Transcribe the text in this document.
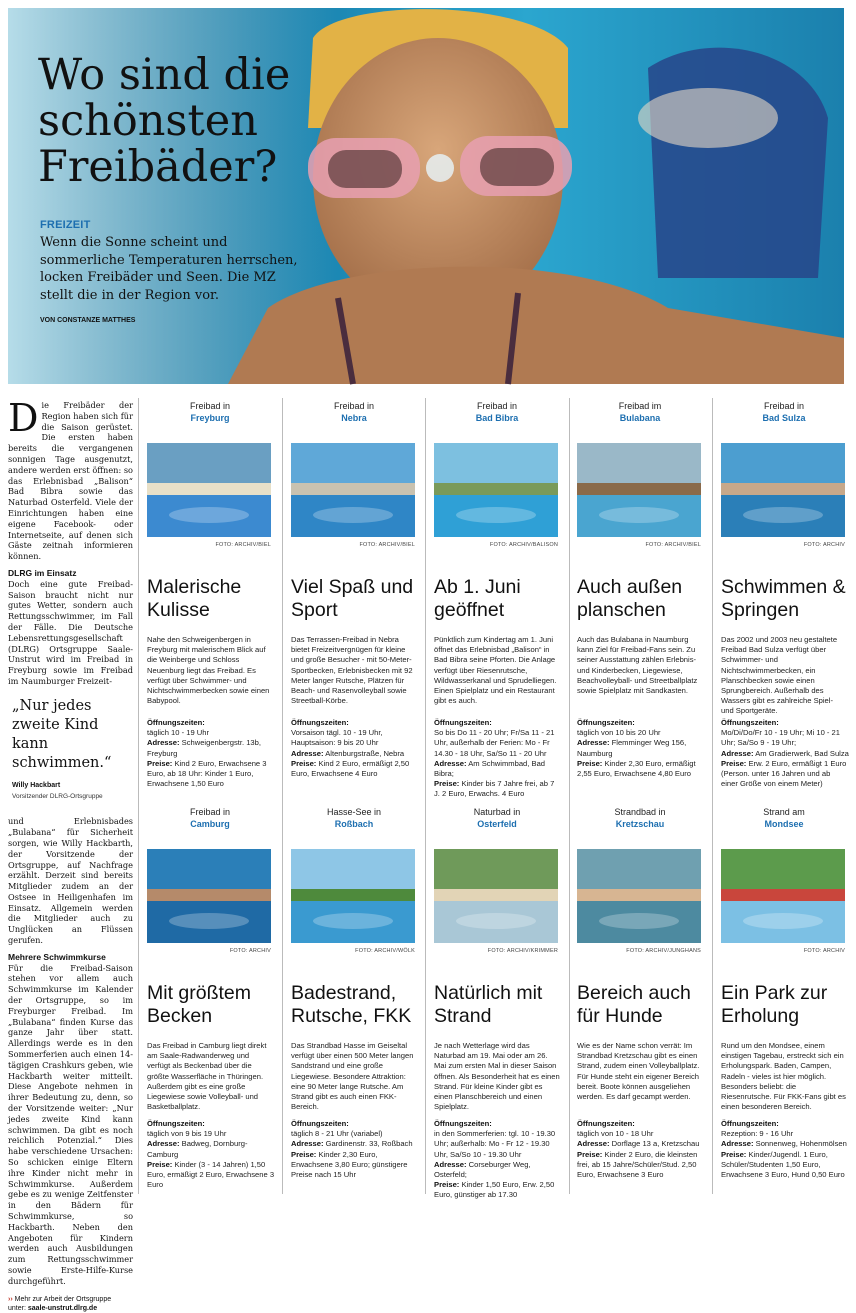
Wo sind die
schönsten
Freibäder?
FREIZEIT
Wenn die Sonne scheint und sommerliche Temperaturen herrschen, locken Freibäder und Seen. Die MZ stellt die in der Region vor.
VON CONSTANZE MATTHES

Die Freibäder der Region haben sich für die Saison gerüstet. Die ersten haben bereits die vergangenen sonnigen Tage ausgenutzt, andere werden erst öffnen: so das Erlebnisbad „Balison“ Bad Bibra sowie das Naturbad Osterfeld. Viele der Einrichtungen haben eine eigene Facebook- oder Internetseite, auf denen sich Gäste zeitnah informieren können.

DLRG im Einsatz

Doch eine gute Freibad-Saison braucht nicht nur gutes Wetter, sondern auch Rettungsschwimmer, im Fall der Fälle. Die Deutsche Lebensrettungsgesellschaft (DLRG) Ortsgruppe Saale-Unstrut wird im Freibad in Freyburg sowie im Freibad im Naumburger Freizeit-

„Nur jedes zweite Kind kann schwimmen.“

Willy Hackbart

Vorsitzender DLRG-Ortsgruppe

und Erlebnisbades „Bulabana“ für Sicherheit sorgen, wie Willy Hackbarth, der Vorsitzende der Ortsgruppe, auf Nachfrage erzählt. Derzeit sind bereits Mitglieder zudem an der Ostsee in Heiligenhafen im Einsatz. Allgemein werden die Mitglieder auch zu Unglücken an Flüssen gerufen.

Mehrere Schwimmkurse

Für die Freibad-Saison stehen vor allem auch Schwimmkurse im Kalender der Ortsgruppe, so im Freyburger Freibad. Im „Bulabana“ finden Kurse das ganze Jahr über statt. Allerdings werde es in den Sommerferien auch einen 14-tägigen Crashkurs geben, wie Hackbarth weiter mitteilt. Diese Angebote nehmen in ihrer Bedeutung zu, denn, so der Vorsitzende weiter: „Nur jedes zweite Kind kann schwimmen. Da gibt es noch reichlich Potenzial.“ Dies habe verschiedene Ursachen: So schicken einige Eltern ihre Kinder nicht mehr in Schwimmkurse. Außerdem gebe es zu wenige Zeitfenster in den Bädern für Schwimmkurse, so Hackbarth. Neben den Angeboten für Kindern werden auch Ausbildungen zum Rettungsschwimmer sowie Erste-Hilfe-Kurse durchgeführt.

›› Mehr zur Arbeit der Ortsgruppe
unter: saale-unstrut.dlrg.de

Freibad in
Freyburg
FOTO: ARCHIV/BIEL
Malerische Kulisse
Nahe den Schweigenbergen in Freyburg mit malerischem Blick auf die Weinberge und Schloss Neuenburg liegt das Freibad. Es verfügt über Schwimmer- und Nichtschwimmerbecken sowie einen Babypool.
Öffnungszeiten:
täglich 10 - 19 Uhr
Adresse: Schweigenbergstr. 13b, Freyburg
Preise: Kind 2 Euro, Erwachsene 3 Euro, ab 18 Uhr: Kinder 1 Euro, Erwachsene 1,50 Euro
Freibad in
Nebra
FOTO: ARCHIV/BIEL
Viel Spaß und Sport
Das Terrassen-Freibad in Nebra bietet Freizeitvergnügen für kleine und große Besucher - mit 50-Meter-Sportbecken, Erlebnisbecken mit 92 Meter langer Rutsche, Plätzen für Beach- und Rasenvolleyball sowie Streetball-Körbe.
Öffnungszeiten:
Vorsaison tägl. 10 - 19 Uhr, Hauptsaison: 9 bis 20 Uhr
Adresse: Altenburgstraße, Nebra
Preise: Kind 2 Euro, ermäßigt 2,50 Euro, Erwachsene 4 Euro
Freibad in
Bad Bibra
FOTO: ARCHIV/BALISON
Ab 1. Juni geöffnet
Pünktlich zum Kindertag am 1. Juni öffnet das Erlebnisbad „Balison“ in Bad Bibra seine Pforten. Die Anlage verfügt über Riesenrutsche, Wildwasserkanal und Sprudelliegen. Einen Spielplatz und ein Restaurant gibt es auch.
Öffnungszeiten:
So bis Do 11 - 20 Uhr; Fr/Sa 11 - 21 Uhr, außerhalb der Ferien: Mo - Fr 14.30 - 18 Uhr, Sa/So 11 - 20 Uhr
Adresse: Am Schwimmbad, Bad Bibra;
Preise: Kinder bis 7 Jahre frei, ab 7 J. 2 Euro, Erwachs. 4 Euro
Freibad im
Bulabana
FOTO: ARCHIV/BIEL
Auch außen planschen
Auch das Bulabana in Naumburg kann Ziel für Freibad-Fans sein. Zu seiner Ausstattung zählen Erlebnis- und Kinderbecken, Liegewiese, Beachvolleyball- und Streetballplatz sowie Spielplatz mit Sandkasten.
Öffnungszeiten:
täglich von 10 bis 20 Uhr
Adresse: Flemminger Weg 156, Naumburg
Preise: Kinder 2,30 Euro, ermäßigt 2,55 Euro, Erwachsene 4,80 Euro
Freibad in
Bad Sulza
FOTO: ARCHIV
Schwimmen & Springen
Das 2002 und 2003 neu gestaltete Freibad Bad Sulza verfügt über Schwimmer- und Nichtschwimmerbecken, ein Planschbecken sowie einen Sprungbereich. Außerhalb des Wassers gibt es zahlreiche Spiel- und Sportgeräte.
Öffnungszeiten:
Mo/Di/Do/Fr 10 - 19 Uhr; Mi 10 - 21 Uhr; Sa/So 9 - 19 Uhr;
Adresse: Am Gradierwerk, Bad Sulza
Preise: Erw. 2 Euro, ermäßigt 1 Euro (Person. unter 16 Jahren und ab einer Größe von einem Meter)
Freibad in
Camburg
FOTO: ARCHIV
Mit größtem Becken
Das Freibad in Camburg liegt direkt am Saale-Radwanderweg und verfügt als Beckenbad über die größte Wasserfläche in Thüringen. Außerdem gibt es eine große Liegewiese sowie Volleyball- und Basketballplatz.
Öffnungszeiten:
täglich von 9 bis 19 Uhr
Adresse: Badweg, Dornburg-Camburg
Preise: Kinder (3 - 14 Jahren) 1,50 Euro, ermäßigt 2 Euro, Erwachsene 3 Euro
Hasse-See in
Roßbach
FOTO: ARCHIV/WÖLK
Badestrand, Rutsche, FKK
Das Strandbad Hasse im Geiseltal verfügt über einen 500 Meter langen Sandstrand und eine große Liegewiese. Besondere Attraktion: eine 90 Meter lange Rutsche. Am Strand gibt es auch einen FKK-Bereich.
Öffnungszeiten:
täglich 8 - 21 Uhr (variabel)
Adresse: Gardinenstr. 33, Roßbach
Preise: Kinder 2,30 Euro, Erwachsene 3,80 Euro; günstigere Preise nach 15 Uhr
Naturbad in
Osterfeld
FOTO: ARCHIV/KRIMMER
Natürlich mit Strand
Je nach Wetterlage wird das Naturbad am 19. Mai oder am 26. Mai zum ersten Mal in dieser Saison öffnen. Als Besonderheit hat es einen Strand. Für kleine Kinder gibt es einen Planschbereich und einen Spielplatz.
Öffnungszeiten:
in den Sommerferien: tgl. 10 - 19.30 Uhr; außerhalb: Mo - Fr 12 - 19.30 Uhr, Sa/So 10 - 19.30 Uhr
Adresse: Corseburger Weg, Osterfeld;
Preise: Kinder 1,50 Euro, Erw. 2,50 Euro, günstiger ab 17.30
Strandbad in
Kretzschau
FOTO: ARCHIV/JUNGHANS
Bereich auch für Hunde
Wie es der Name schon verrät: Im Strandbad Kretzschau gibt es einen Strand, zudem einen Volleyballplatz. Für Hunde steht ein eigener Bereich bereit. Boote können ausgeliehen werden. Es darf gecampt werden.
Öffnungszeiten:
täglich von 10 - 18 Uhr
Adresse: Dorflage 13 a, Kretzschau
Preise: Kinder 2 Euro, die kleinsten frei, ab 15 Jahre/Schüler/Stud. 2,50 Euro, Erwachsene 3 Euro
Strand am
Mondsee
FOTO: ARCHIV
Ein Park zur Erholung
Rund um den Mondsee, einem einstigen Tagebau, erstreckt sich ein Erholungspark. Baden, Campen, Radeln - vieles ist hier möglich. Besonders beliebt: die Riesenrutsche. Für FKK-Fans gibt es einen besonderen Bereich.
Öffnungszeiten:
Rezeption: 9 - 16 Uhr
Adresse: Sonnenweg, Hohenmölsen
Preise: Kinder/Jugendl. 1 Euro, Schüler/Studenten 1,50 Euro, Erwachsene 3 Euro, Hund 0,50 Euro
